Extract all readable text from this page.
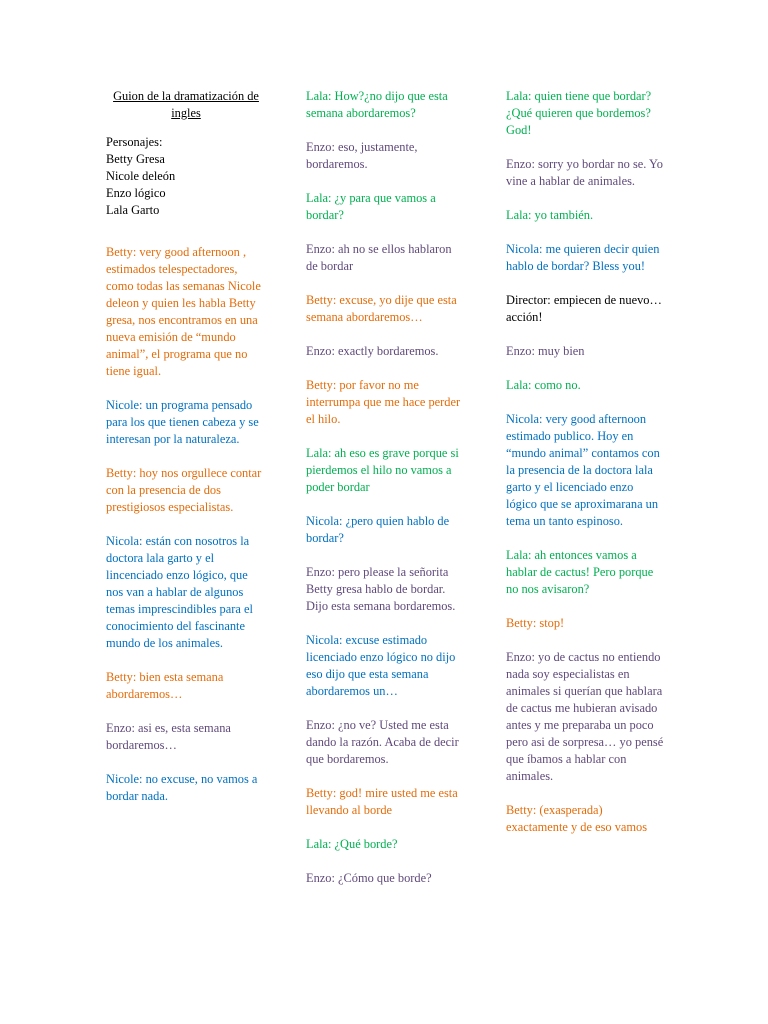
Guion de la dramatización de ingles
Personajes:
Betty Gresa
Nicole deleón
Enzo lógico
Lala Garto
Betty: very good afternoon , estimados telespectadores, como todas las semanas Nicole deleon y quien les habla Betty gresa, nos encontramos en una nueva emisión de “mundo animal”, el programa que no tiene igual.
Nicole: un programa pensado para los que tienen cabeza y se interesan por la naturaleza.
Betty: hoy nos orgullece contar con la presencia de dos prestigiosos especialistas.
Nicola: están con nosotros la doctora lala garto y el lincenciado enzo lógico, que nos van a hablar de algunos temas imprescindibles para el conocimiento del fascinante mundo de los animales.
Betty: bien esta semana abordaremos…
Enzo: asi es, esta semana bordaremos…
Nicole: no excuse, no vamos a bordar nada.
Lala: How?¿no dijo que esta semana abordaremos?
Enzo: eso, justamente, bordaremos.
Lala: ¿y para que vamos a bordar?
Enzo: ah no se ellos hablaron de bordar
Betty: excuse, yo dije que esta semana abordaremos…
Enzo: exactly bordaremos.
Betty: por favor no me interrumpa que me hace perder el hilo.
Lala: ah eso es grave porque si pierdemos el hilo no vamos a poder bordar
Nicola: ¿pero quien hablo de bordar?
Enzo: pero please la señorita Betty gresa hablo de bordar. Dijo esta semana bordaremos.
Nicola: excuse estimado licenciado enzo lógico no dijo eso dijo que esta semana abordaremos un…
Enzo: ¿no ve? Usted me esta dando la razón. Acaba de decir que bordaremos.
Betty: god! mire usted me esta llevando al borde
Lala: ¿Qué borde?
Enzo: ¿Cómo que borde?
Lala: quien tiene que bordar? ¿Qué quieren que bordemos? God!
Enzo: sorry yo bordar no se. Yo vine a hablar de animales.
Lala: yo también.
Nicola: me quieren decir quien hablo de bordar? Bless you!
Director: empiecen de nuevo…acción!
Enzo: muy bien
Lala: como no.
Nicola: very good afternoon estimado publico. Hoy en “mundo animal” contamos con la presencia de la doctora lala garto y el licenciado enzo lógico que se aproximarana un tema un tanto espinoso.
Lala: ah entonces vamos a hablar de cactus! Pero porque no nos avisaron?
Betty: stop!
Enzo: yo de cactus no entiendo nada soy especialistas en animales si querían que hablara de cactus me hubieran avisado antes y me preparaba un poco pero asi de sorpresa… yo pensé que íbamos a hablar con animales.
Betty: (exasperada) exactamente y de eso vamos
